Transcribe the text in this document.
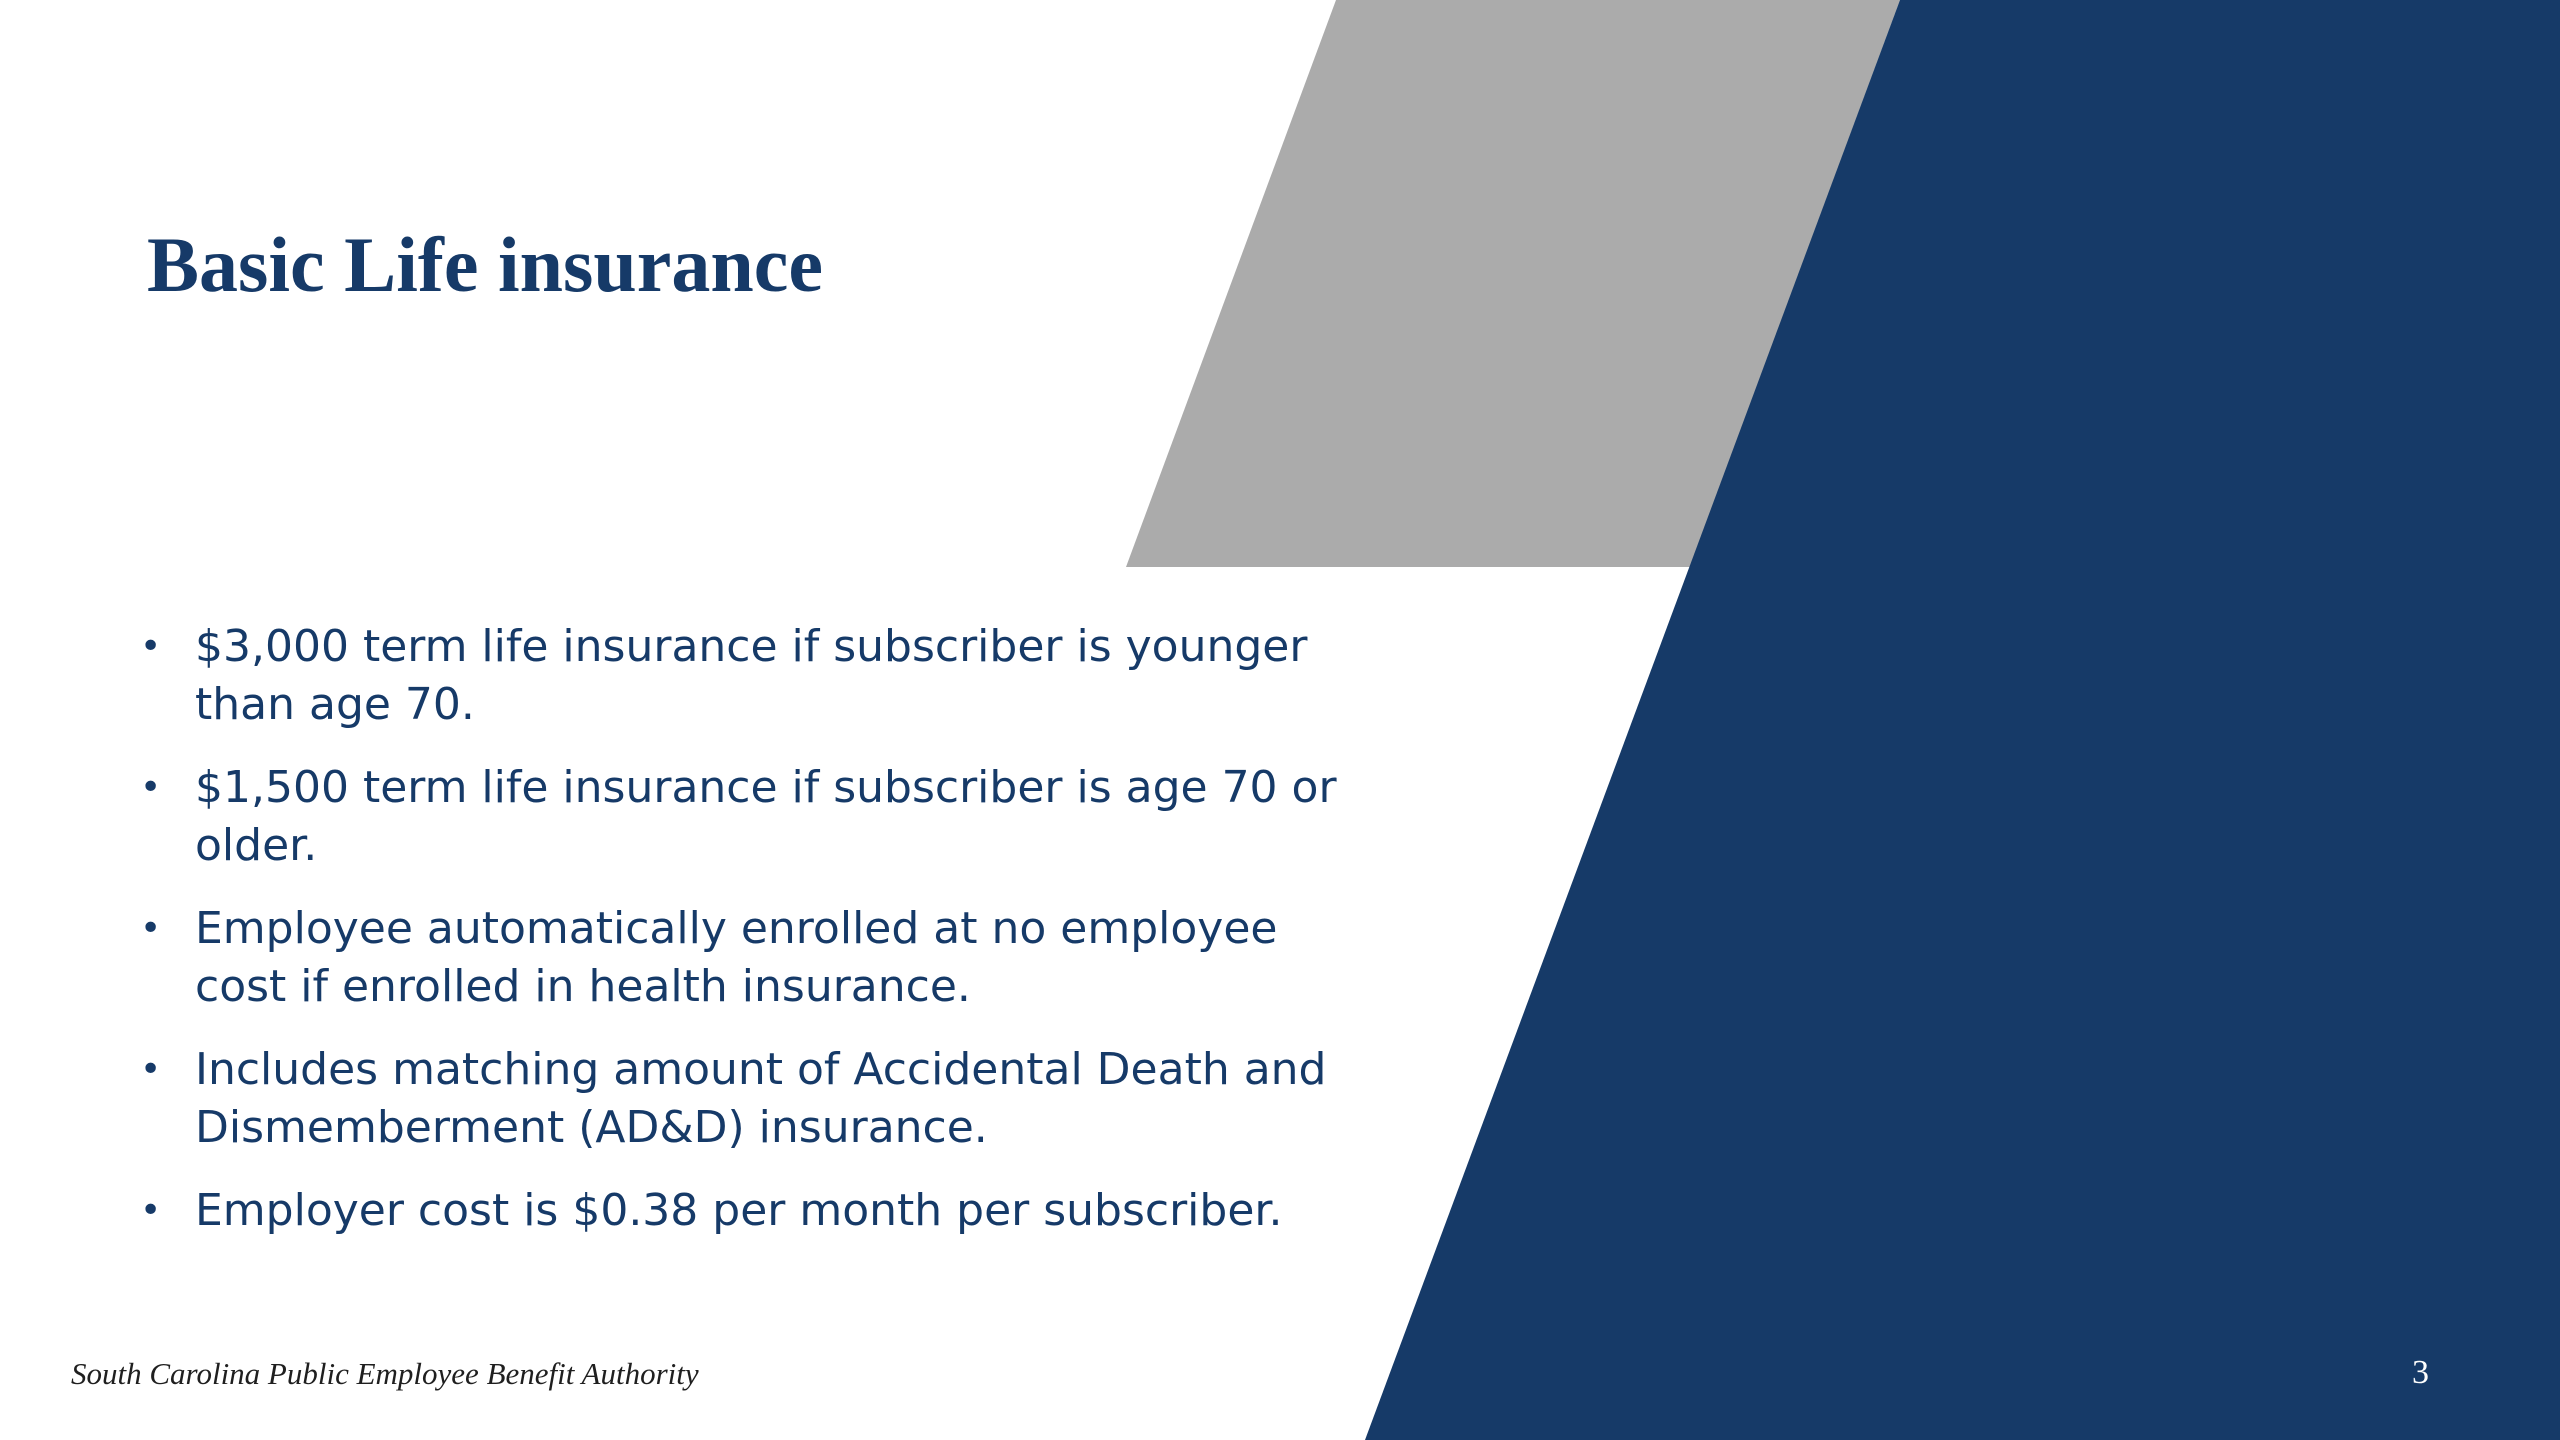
Basic Life insurance
• $3,000 term life insurance if subscriber is younger than age 70.
• $1,500 term life insurance if subscriber is age 70 or older.
• Employee automatically enrolled at no employee cost if enrolled in health insurance.
• Includes matching amount of Accidental Death and Dismemberment (AD&D) insurance.
• Employer cost is $0.38 per month per subscriber.
South Carolina Public Employee Benefit Authority	3
